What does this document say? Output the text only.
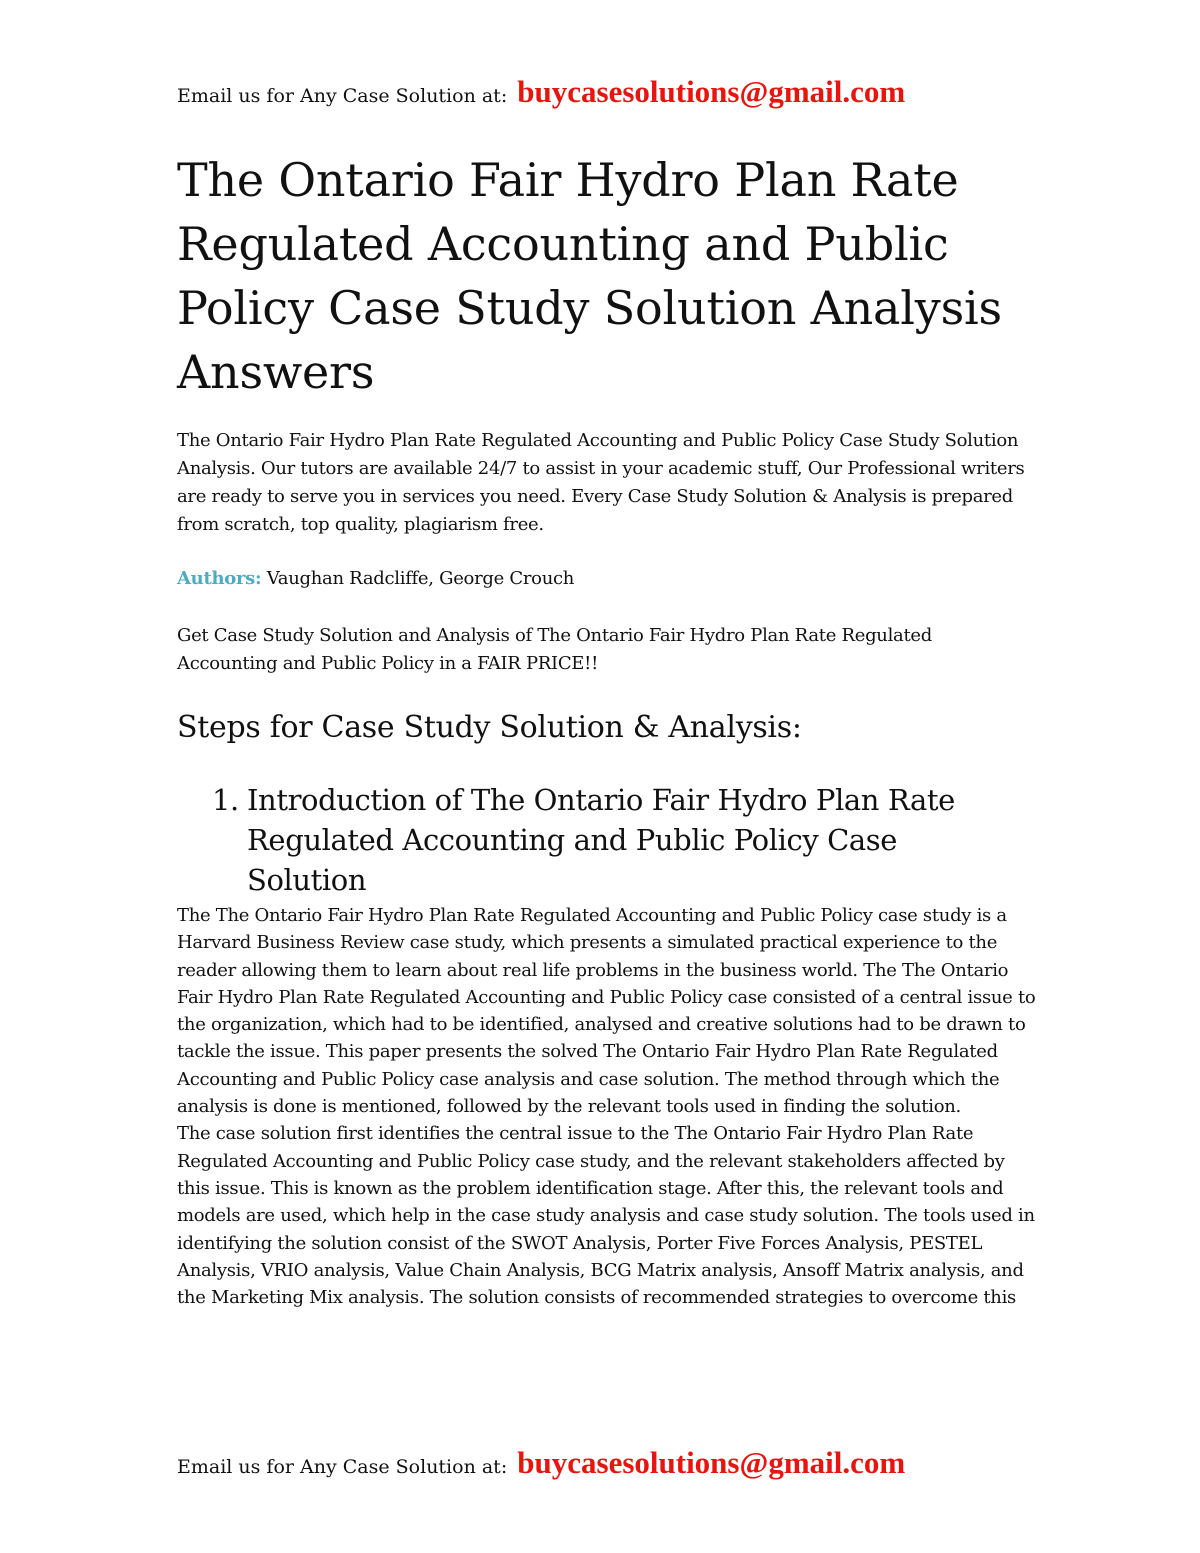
Email us for Any Case Solution at: buycasesolutions@gmail.com
The Ontario Fair Hydro Plan Rate Regulated Accounting and Public Policy Case Study Solution Analysis Answers

The Ontario Fair Hydro Plan Rate Regulated Accounting and Public Policy Case Study Solution Analysis. Our tutors are available 24/7 to assist in your academic stuff, Our Professional writers are ready to serve you in services you need. Every Case Study Solution & Analysis is prepared from scratch, top quality, plagiarism free.

Authors: Vaughan Radcliffe, George Crouch

Get Case Study Solution and Analysis of The Ontario Fair Hydro Plan Rate Regulated Accounting and Public Policy in a FAIR PRICE!!

Steps for Case Study Solution & Analysis:
1. Introduction of The Ontario Fair Hydro Plan Rate Regulated Accounting and Public Policy Case Solution

The The Ontario Fair Hydro Plan Rate Regulated Accounting and Public Policy case study is a Harvard Business Review case study, which presents a simulated practical experience to the reader allowing them to learn about real life problems in the business world. The The Ontario Fair Hydro Plan Rate Regulated Accounting and Public Policy case consisted of a central issue to the organization, which had to be identified, analysed and creative solutions had to be drawn to tackle the issue. This paper presents the solved The Ontario Fair Hydro Plan Rate Regulated Accounting and Public Policy case analysis and case solution. The method through which the analysis is done is mentioned, followed by the relevant tools used in finding the solution.

The case solution first identifies the central issue to the The Ontario Fair Hydro Plan Rate Regulated Accounting and Public Policy case study, and the relevant stakeholders affected by this issue. This is known as the problem identification stage. After this, the relevant tools and models are used, which help in the case study analysis and case study solution. The tools used in identifying the solution consist of the SWOT Analysis, Porter Five Forces Analysis, PESTEL Analysis, VRIO analysis, Value Chain Analysis, BCG Matrix analysis, Ansoff Matrix analysis, and the Marketing Mix analysis. The solution consists of recommended strategies to overcome this

Email us for Any Case Solution at: buycasesolutions@gmail.com
